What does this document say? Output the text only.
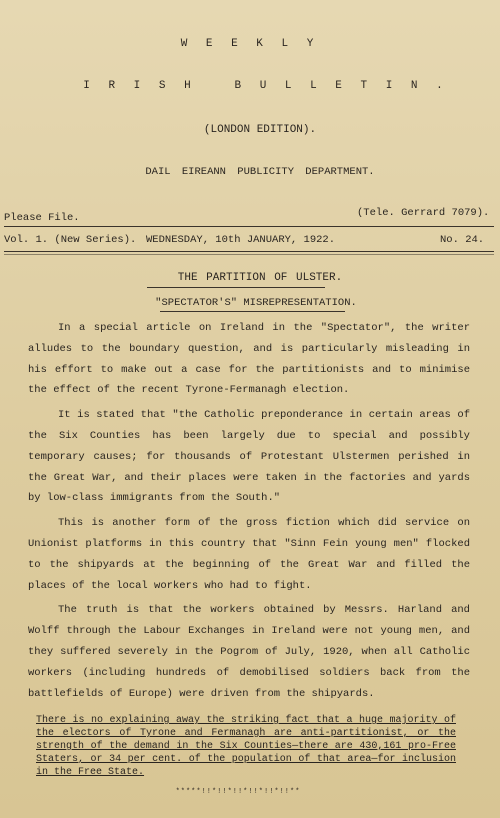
W E E K L Y
I R I S H   B U L L E T I N .
(LONDON EDITION).
DAIL EIREANN PUBLICITY DEPARTMENT.
Please File.	(Tele. Gerrard 7079).
Vol. 1. (New Series). WEDNESDAY, 10th JANUARY, 1922.	No. 24.
THE PARTITION OF ULSTER.
"SPECTATOR'S" MISREPRESENTATION.

In a special article on Ireland in the "Spectator", the writer alludes to the boundary question, and is particularly misleading in his effort to make out a case for the partitionists and to minimise the effect of the recent Tyrone-Fermanagh election.

It is stated that "the Catholic preponderance in certain areas of the Six Counties has been largely due to special and possibly temporary causes; for thousands of Protestant Ulstermen perished in the Great War, and their places were taken in the factories and yards by low-class immigrants from the South."

This is another form of the gross fiction which did service on Unionist platforms in this country that "Sinn Fein young men" flocked to the shipyards at the beginning of the Great War and filled the places of the local workers who had to fight.

The truth is that the workers obtained by Messrs. Harland and Wolff through the Labour Exchanges in Ireland were not young men, and they suffered severely in the Pogrom of July, 1920, when all Catholic workers (including hundreds of demobilised soldiers back from the battlefields of Europe) were driven from the shipyards.

There is no explaining away the striking fact that a huge majority of the electors of Tyrone and Fermanagh are anti-partitionist, or the strength of the demand in the Six Counties—there are 430,161 pro-Free Staters, or 34 per cent. of the population of that area—for inclusion in the Free State.
*****!!*!!*!!*!!*!!*!!**
